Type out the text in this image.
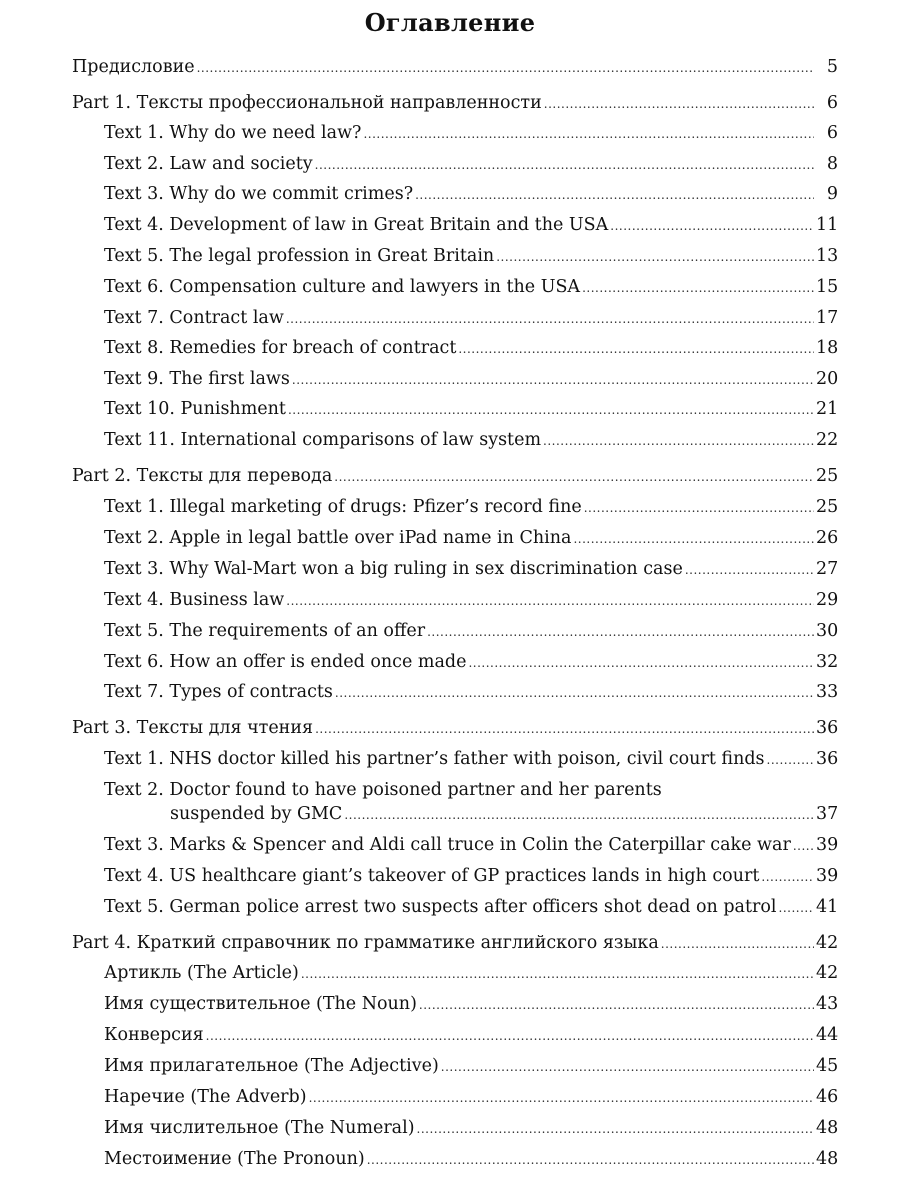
Оглавление
Предисловие .....	5
Part 1. Тексты профессиональной направленности .....	6
Text 1. Why do we need law? .....	6
Text 2. Law and society .....	8
Text 3. Why do we commit crimes? .....	9
Text 4. Development of law in Great Britain and the USA .....	11
Text 5. The legal profession in Great Britain .....	13
Text 6. Compensation culture and lawyers in the USA .....	15
Text 7. Contract law .....	17
Text 8. Remedies for breach of contract .....	18
Text 9. The first laws .....	20
Text 10. Punishment .....	21
Text 11. International comparisons of law system .....	22
Part 2. Тексты для перевода .....	25
Text 1. Illegal marketing of drugs: Pfizer’s record fine .....	25
Text 2. Apple in legal battle over iPad name in China .....	26
Text 3. Why Wal-Mart won a big ruling in sex discrimination case .....	27
Text 4. Business law .....	29
Text 5. The requirements of an offer .....	30
Text 6. How an offer is ended once made .....	32
Text 7. Types of contracts .....	33
Part 3. Тексты для чтения .....	36
Text 1. NHS doctor killed his partner’s father with poison, civil court finds .....	36
Text 2. Doctor found to have poisoned partner and her parents
suspended by GMC .....	37
Text 3. Marks & Spencer and Aldi call truce in Colin the Caterpillar cake war ..... 39
Text 4. US healthcare giant’s takeover of GP practices lands in high court .....	39
Text 5. German police arrest two suspects after officers shot dead on patrol ..... 41
Part 4. Краткий справочник по грамматике английского языка .....	42
Артикль (The Article) .....	42
Имя существительное (The Noun) .....	43
Конверсия .....	44
Имя прилагательное (The Adjective) .....	45
Наречие (The Adverb) .....	46
Имя числительное (The Numeral) .....	48
Местоимение (The Pronoun) .....	48
